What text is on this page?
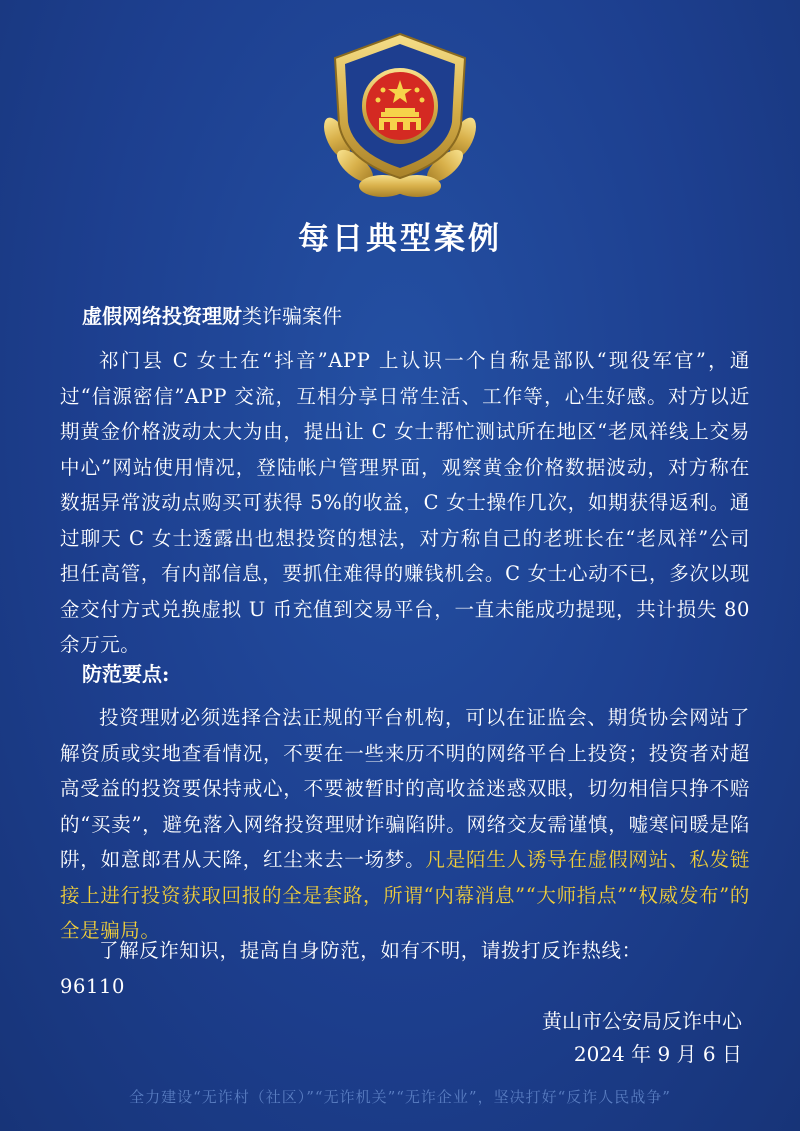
每日典型案例
虚假网络投资理财类诈骗案件
祁门县 C 女士在“抖音”APP 上认识一个自称是部队“现役军官”，通过“信源密信”APP 交流，互相分享日常生活、工作等，心生好感。对方以近期黄金价格波动太大为由，提出让 C 女士帮忙测试所在地区“老凤祥线上交易中心”网站使用情况，登陆帐户管理界面，观察黄金价格数据波动，对方称在数据异常波动点购买可获得 5%的收益，C 女士操作几次，如期获得返利。通过聊天 C 女士透露出也想投资的想法，对方称自己的老班长在“老凤祥”公司担任高管，有内部信息，要抓住难得的赚钱机会。C 女士心动不已，多次以现金交付方式兑换虚拟 U 币充值到交易平台，一直未能成功提现，共计损失 80 余万元。
防范要点:
投资理财必须选择合法正规的平台机构，可以在证监会、期货协会网站了解资质或实地查看情况，不要在一些来历不明的网络平台上投资；投资者对超高受益的投资要保持戒心，不要被暂时的高收益迷惑双眼，切勿相信只挣不赔的“买卖”，避免落入网络投资理财诈骗陷阱。网络交友需谨慎，嘘寒问暖是陷阱，如意郎君从天降，红尘来去一场梦。凡是陌生人诱导在虚假网站、私发链接上进行投资获取回报的全是套路，所谓“内幕消息”“大师指点”“权威发布”的全是骗局。
了解反诈知识，提高自身防范，如有不明，请拨打反诈热线：
96110
黄山市公安局反诈中心
2024 年 9 月 6 日
全力建设“无诈村（社区）”“无诈机关”“无诈企业”，坚决打好“反诈人民战争”
